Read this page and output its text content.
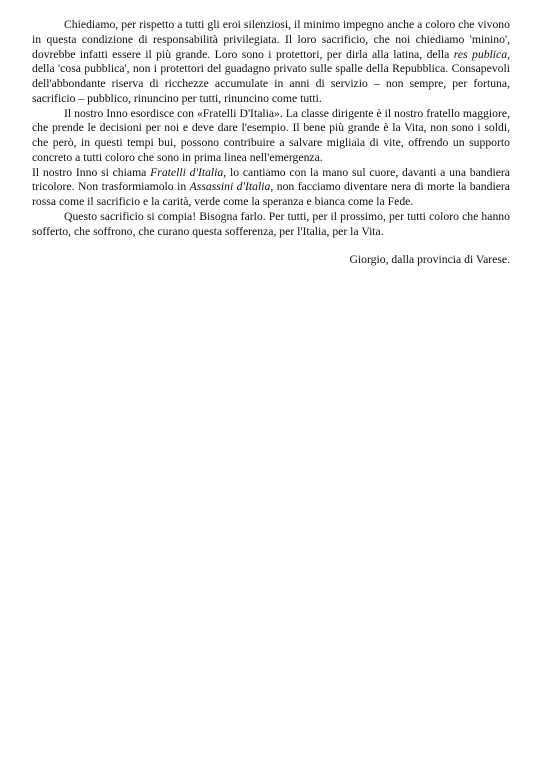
Chiediamo, per rispetto a tutti gli eroi silenziosi, il minimo impegno anche a coloro che vivono in questa condizione di responsabilità privilegiata. Il loro sacrificio, che noi chiediamo 'minino', dovrebbe infatti essere il più grande. Loro sono i protettori, per dirla alla latina, della res publica, della 'cosa pubblica', non i protettori del guadagno privato sulle spalle della Repubblica. Consapevoli dell'abbondante riserva di ricchezze accumulate in anni di servizio – non sempre, per fortuna, sacrificio – pubblico, rinuncino per tutti, rinuncino come tutti.

Il nostro Inno esordisce con «Fratelli D'Italia». La classe dirigente è il nostro fratello maggiore, che prende le decisioni per noi e deve dare l'esempio. Il bene più grande è la Vita, non sono i soldi, che però, in questi tempi bui, possono contribuire a salvare migliaia di vite, offrendo un supporto concreto a tutti coloro che sono in prima linea nell'emergenza.

Il nostro Inno si chiama Fratelli d'Italia, lo cantiamo con la mano sul cuore, davanti a una bandiera tricolore. Non trasformiamolo in Assassini d'Italia, non facciamo diventare nera di morte la bandiera rossa come il sacrificio e la carità, verde come la speranza e bianca come la Fede.

Questo sacrificio si compia! Bisogna farlo. Per tutti, per il prossimo, per tutti coloro che hanno sofferto, che soffrono, che curano questa sofferenza, per l'Italia, per la Vita.

Giorgio, dalla provincia di Varese.
